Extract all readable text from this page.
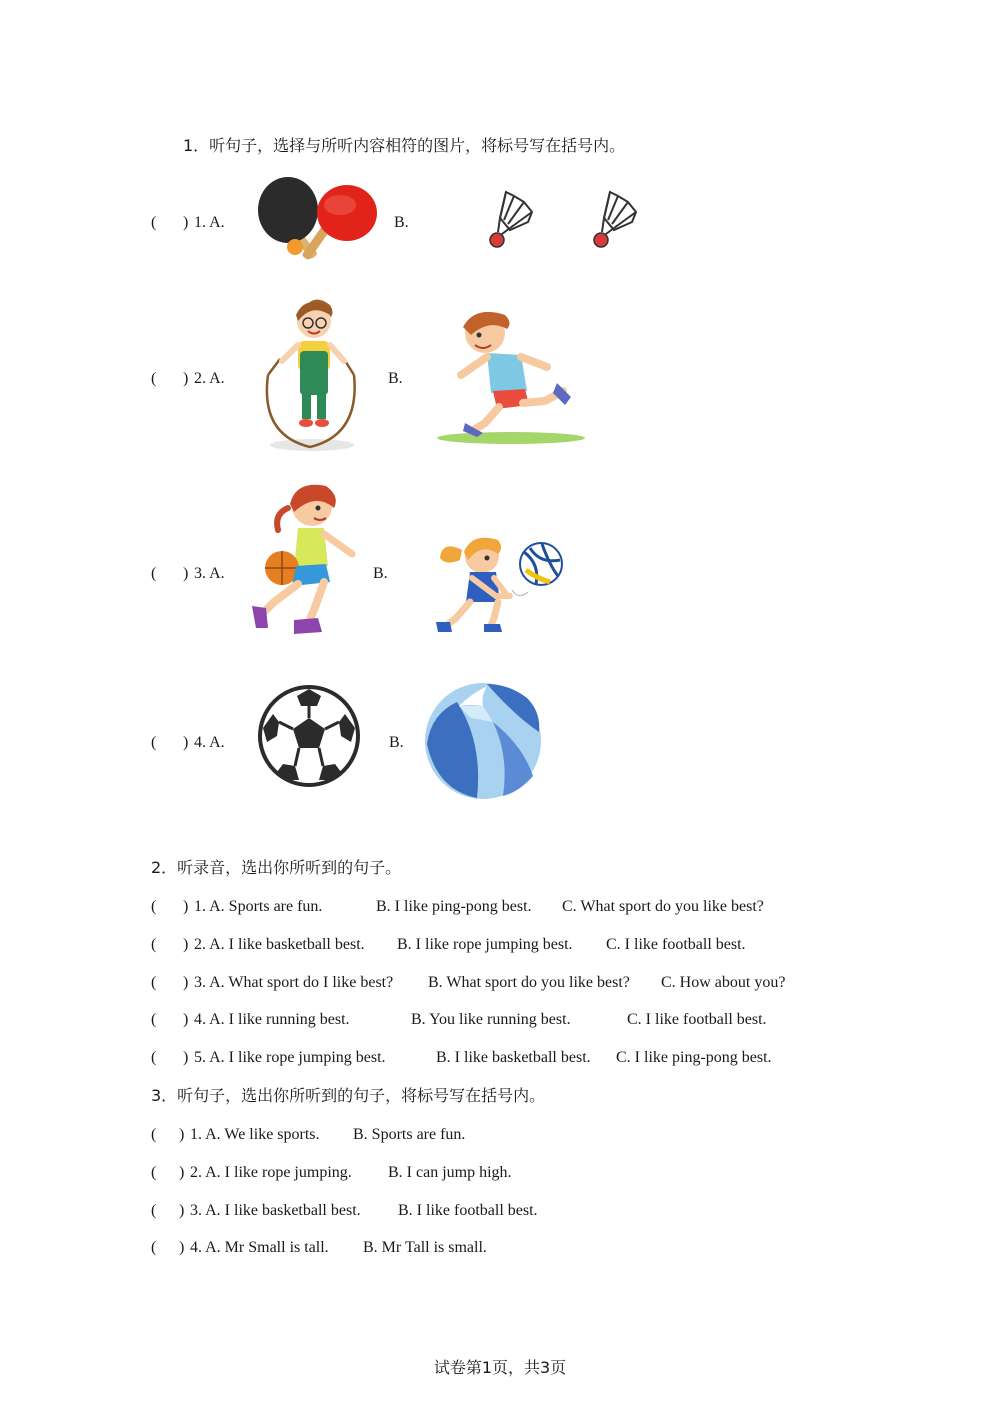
1．听句子，选择与所听内容相符的图片，将标号写在括号内。
( ) 1. A.	B.
( ) 2. A.	B.
( ) 3. A.	B.
( ) 4. A.	B.
2．听录音，选出你所听到的句子。
( ) 1. A. Sports are fun.	B. I like ping-pong best. C. What sport do you like best?
( ) 2. A. I like basketball best. B. I like rope jumping best. C. I like football best.
( ) 3. A. What sport do I like best? B. What sport do you like best? C. How about you?
( ) 4. A. I like running best.	B. You like running best.	C. I like football best.
( ) 5. A. I like rope jumping best.	B. I like basketball best. C. I like ping-pong best.
3．听句子，选出你所听到的句子，将标号写在括号内。
( ) 1. A. We like sports. B. Sports are fun.
( ) 2. A. I like rope jumping. B. I can jump high.
( ) 3. A. I like basketball best. B. I like football best.
( ) 4. A. Mr Small is tall. B. Mr Tall is small.
试卷第1页，共3页
